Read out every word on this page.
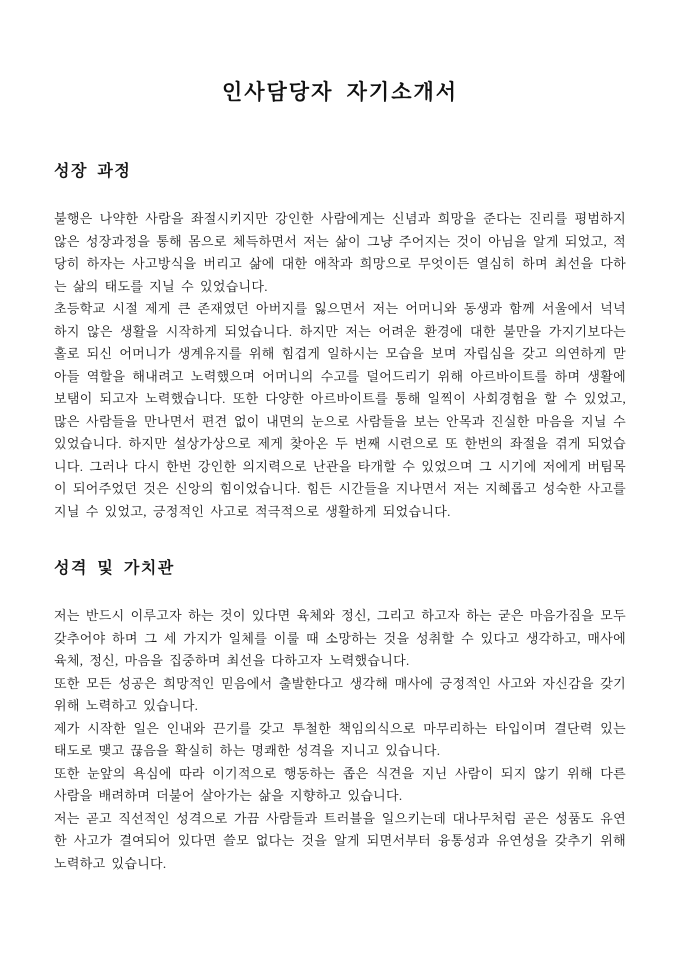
인사담당자 자기소개서
성장 과정

불행은 나약한 사람을 좌절시키지만 강인한 사람에게는 신념과 희망을 준다는 진리를 평범하지 않은 성장과정을 통해 몸으로 체득하면서 저는 삶이 그냥 주어지는 것이 아님을 알게 되었고, 적당히 하자는 사고방식을 버리고 삶에 대한 애착과 희망으로 무엇이든 열심히 하며 최선을 다하는 삶의 태도를 지닐 수 있었습니다.

초등학교 시절 제게 큰 존재였던 아버지를 잃으면서 저는 어머니와 동생과 함께 서울에서 넉넉하지 않은 생활을 시작하게 되었습니다. 하지만 저는 어려운 환경에 대한 불만을 가지기보다는 홀로 되신 어머니가 생계유지를 위해 힘겹게 일하시는 모습을 보며 자립심을 갖고 의연하게 맏아들 역할을 해내려고 노력했으며 어머니의 수고를 덜어드리기 위해 아르바이트를 하며 생활에 보탬이 되고자 노력했습니다. 또한 다양한 아르바이트를 통해 일찍이 사회경험을 할 수 있었고, 많은 사람들을 만나면서 편견 없이 내면의 눈으로 사람들을 보는 안목과 진실한 마음을 지닐 수 있었습니다. 하지만 설상가상으로 제게 찾아온 두 번째 시련으로 또 한번의 좌절을 겪게 되었습니다. 그러나 다시 한번 강인한 의지력으로 난관을 타개할 수 있었으며 그 시기에 저에게 버팀목이 되어주었던 것은 신앙의 힘이었습니다. 힘든 시간들을 지나면서 저는 지혜롭고 성숙한 사고를 지닐 수 있었고, 긍정적인 사고로 적극적으로 생활하게 되었습니다.

성격 및 가치관

저는 반드시 이루고자 하는 것이 있다면 육체와 정신, 그리고 하고자 하는 굳은 마음가짐을 모두 갖추어야 하며 그 세 가지가 일체를 이룰 때 소망하는 것을 성취할 수 있다고 생각하고, 매사에 육체, 정신, 마음을 집중하며 최선을 다하고자 노력했습니다.

또한 모든 성공은 희망적인 믿음에서 출발한다고 생각해 매사에 긍정적인 사고와 자신감을 갖기 위해 노력하고 있습니다.

제가 시작한 일은 인내와 끈기를 갖고 투철한 책임의식으로 마무리하는 타입이며 결단력 있는 태도로 맺고 끊음을 확실히 하는 명쾌한 성격을 지니고 있습니다.

또한 눈앞의 욕심에 따라 이기적으로 행동하는 좁은 식견을 지닌 사람이 되지 않기 위해 다른 사람을 배려하며 더불어 살아가는 삶을 지향하고 있습니다.

저는 곧고 직선적인 성격으로 가끔 사람들과 트러블을 일으키는데 대나무처럼 곧은 성품도 유연한 사고가 결여되어 있다면 쓸모 없다는 것을 알게 되면서부터 융통성과 유연성을 갖추기 위해 노력하고 있습니다.
